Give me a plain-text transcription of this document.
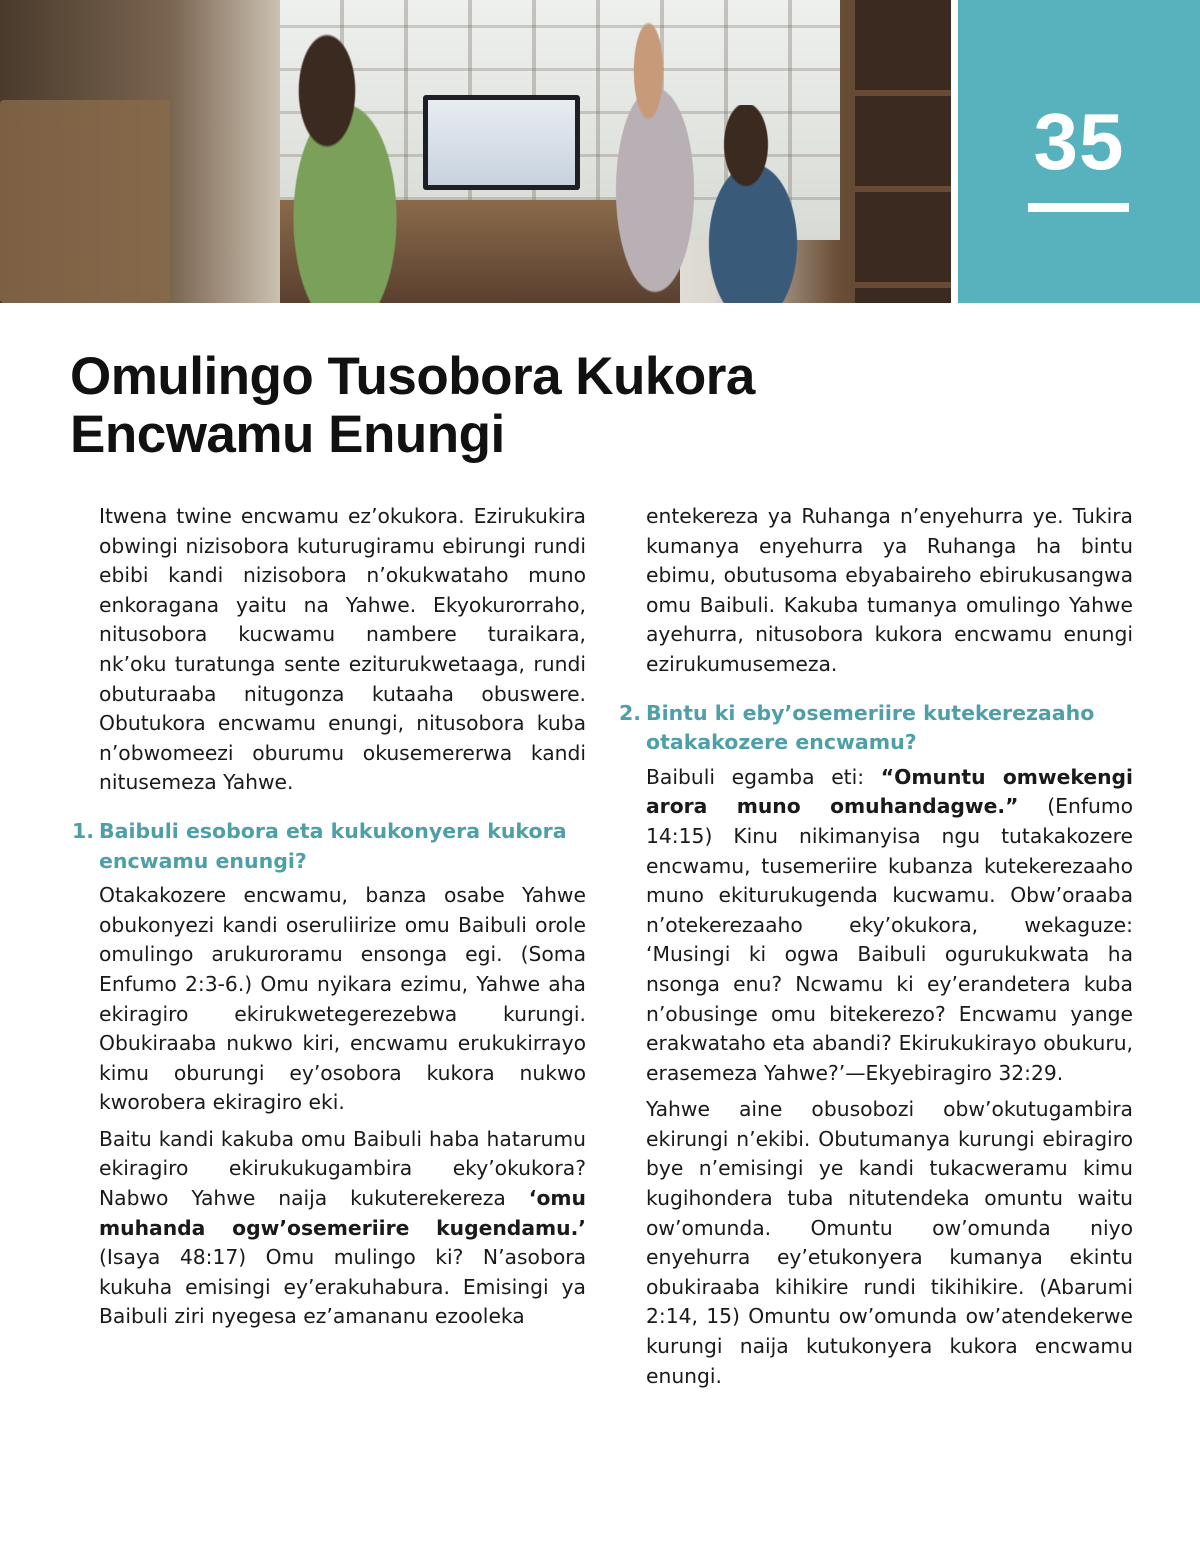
35
Omulingo Tusobora Kukora Encwamu Enungi

Itwena twine encwamu ez’okukora. Ezirukukira obwingi nizisobora kuturugiramu ebirungi rundi ebibi kandi nizisobora n’okukwataho muno enkoragana yaitu na Yahwe. Ekyokurorraho, nitusobora kucwamu nambere turaikara, nk’oku turatunga sente eziturukwetaaga, rundi obuturaaba nitugonza kutaaha obuswere. Obutukora encwamu enungi, nitusobora kuba n’obwomeezi oburumu okusemererwa kandi nitusemeza Yahwe.

1. Baibuli esobora eta kukukonyera kukora encwamu enungi?

Otakakozere encwamu, banza osabe Yahwe obukonyezi kandi oseruliirize omu Baibuli orole omulingo arukuroramu ensonga egi. (Soma Enfumo 2:3-6.) Omu nyikara ezimu, Yahwe aha ekiragiro ekirukwetegerezebwa kurungi. Obukiraaba nukwo kiri, encwamu erukukirrayo kimu oburungi ey’osobora kukora nukwo kworobera ekiragiro eki.

Baitu kandi kakuba omu Baibuli haba hatarumu ekiragiro ekirukukugambira eky’okukora? Nabwo Yahwe naija kukuterekereza ‘omu muhanda ogw’osemeriire kugendamu.’ (Isaya 48:17) Omu mulingo ki? N’asobora kukuha emisingi ey’erakuhabura. Emisingi ya Baibuli ziri nyegesa ez’amananu ezooleka

entekereza ya Ruhanga n’enyehurra ye. Tukira kumanya enyehurra ya Ruhanga ha bintu ebimu, obutusoma ebyabaireho ebirukusangwa omu Baibuli. Kakuba tumanya omulingo Yahwe ayehurra, nitusobora kukora encwamu enungi ezirukumusemeza.

2. Bintu ki eby’osemeriire kutekerezaaho otakakozere encwamu?

Baibuli egamba eti: “Omuntu omwekengi arora muno omuhandagwe.” (Enfumo 14:15) Kinu nikimanyisa ngu tutakakozere encwamu, tusemeriire kubanza kutekerezaaho muno ekiturukugenda kucwamu. Obw’oraaba n’otekerezaaho eky’okukora, wekaguze: ‘Musingi ki ogwa Baibuli ogurukukwata ha nsonga enu? Ncwamu ki ey’erandetera kuba n’obusinge omu bitekerezo? Encwamu yange erakwataho eta abandi? Ekirukukirayo obukuru, erasemeza Yahwe?’—Ekyebiragiro 32:29.

Yahwe aine obusobozi obw’okutugambira ekirungi n’ekibi. Obutumanya kurungi ebiragiro bye n’emisingi ye kandi tukacweramu kimu kugihondera tuba nitutendeka omuntu waitu ow’omunda. Omuntu ow’omunda niyo enyehurra ey’etukonyera kumanya ekintu obukiraaba kihikire rundi tikihikire. (Abarumi 2:14, 15) Omuntu ow’omunda ow’atendekerwe kurungi naija kutukonyera kukora encwamu enungi.
